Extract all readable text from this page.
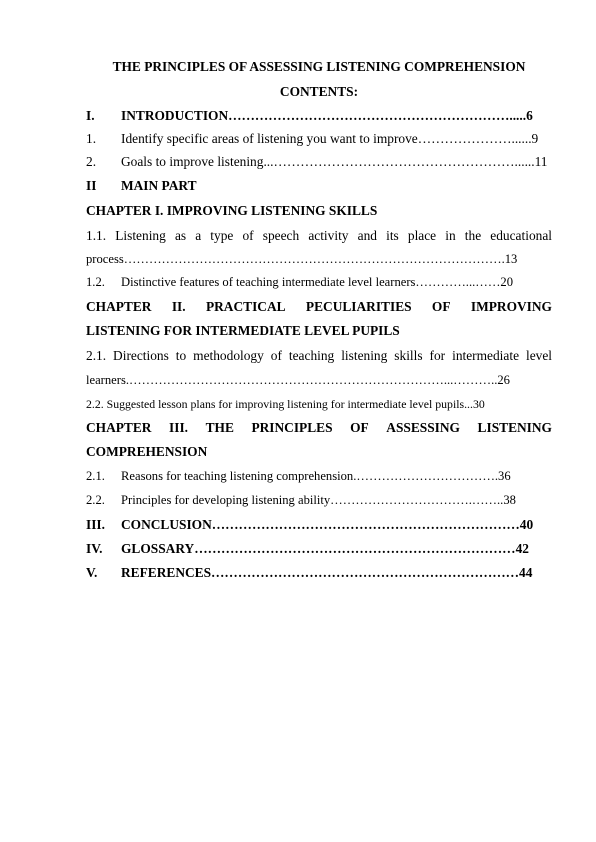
THE PRINCIPLES OF ASSESSING LISTENING COMPREHENSION
CONTENTS:
I. INTRODUCTION……………………………………………………….....6
1. Identify specific areas of listening you want to improve…………………......9
2. Goals to improve listening...………………………………………………......11
II MAIN PART
CHAPTER I. IMPROVING LISTENING SKILLS
1.1. Listening as a type of speech activity and its place in the educational
process……………………………………………………………………………….13
1.2. Distinctive features of teaching intermediate level learners…………...……20
CHAPTER II. PRACTICAL PECULIARITIES OF IMPROVING
LISTENING FOR INTERMEDIATE LEVEL PUPILS
2.1. Directions to methodology of teaching listening skills for intermediate level
learners.…………………………………………………………………...………..26
2.2. Suggested lesson plans for improving listening for intermediate level pupils...30
CHAPTER III. THE PRINCIPLES OF ASSESSING LISTENING
COMPREHENSION
2.1. Reasons for teaching listening comprehension.…………………………….36
2.2. Principles for developing listening ability…………………………….……..38
III. CONCLUSION……………………………………………………………40
IV. GLOSSARY………………………………………………………………42
V. REFERENCES……………………………………………………………44
